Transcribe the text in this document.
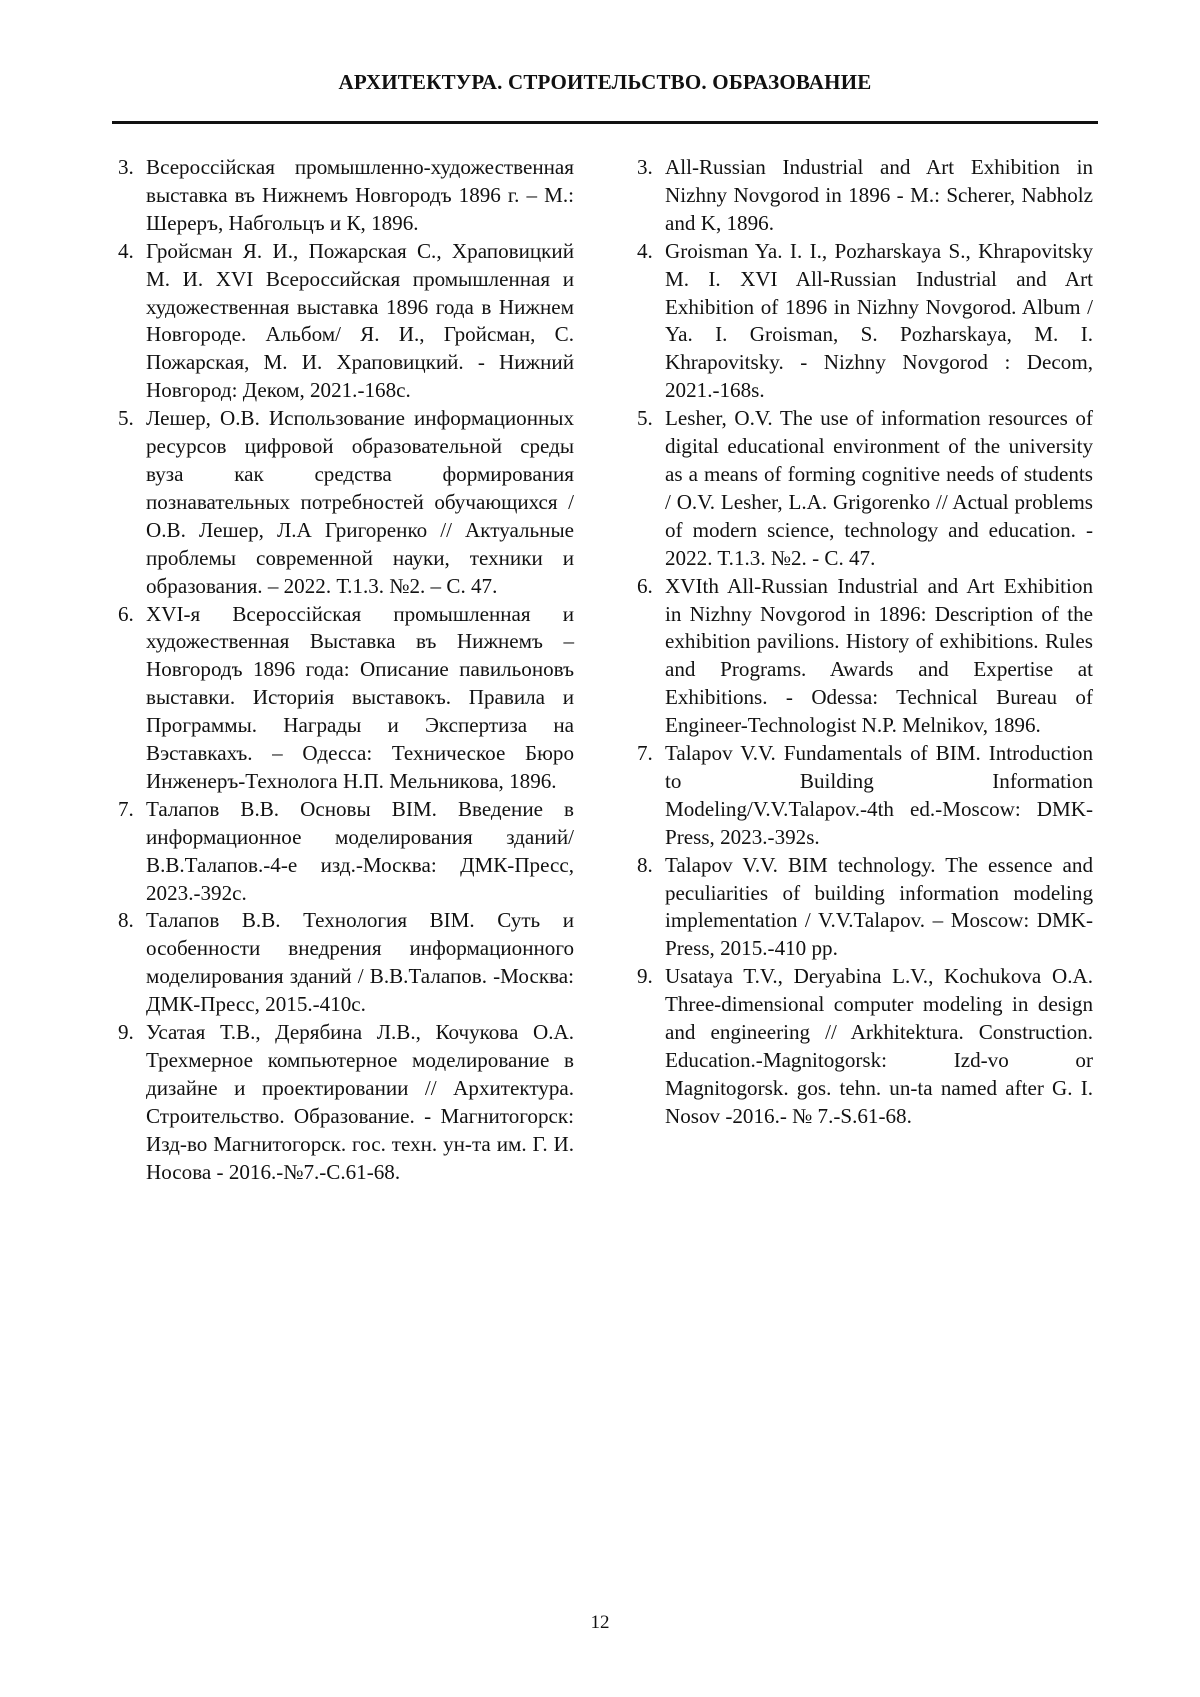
АРХИТЕКТУРА. СТРОИТЕЛЬСТВО. ОБРАЗОВАНИЕ
3. Всероссiйская промышленно-художественная выставка въ Нижнемъ Новгородъ 1896 г. – М.: Шереръ, Набгольцъ и К, 1896.
4. Гройсман Я. И., Пожарская С., Храповицкий М. И. XVI Всероссийская промышленная и художественная выставка 1896 года в Нижнем Новгороде. Альбом/ Я. И., Гройсман, С. Пожарская, М. И. Храповицкий. - Нижний Новгород: Деком, 2021.-168с.
5. Лешер, О.В. Использование информационных ресурсов цифровой образовательной среды вуза как средства формирования познавательных потребностей обучающихся / О.В. Лешер, Л.А Григоренко // Актуальные проблемы современной науки, техники и образования. – 2022. Т.1.3. №2. – С. 47.
6. XVI-я Всероссiйская промышленная и художественная Выставка въ Нижнемъ – Новгородъ 1896 года: Описание павильоновъ выставки. Историiя выставокъ. Правила и Программы. Награды и Экспертиза на Вэставкахъ. – Одесса: Техническое Бюро Инженеръ-Технолога Н.П. Мельникова, 1896.
7. Талапов В.В. Основы BIM. Введение в информационное моделирования зданий/В.В.Талапов.-4-е изд.-Москва: ДМК-Пресс, 2023.-392с.
8. Талапов В.В. Технология BIM. Суть и особенности внедрения информационного моделирования зданий / В.В.Талапов. -Москва: ДМК-Пресс, 2015.-410с.
9. Усатая Т.В., Дерябина Л.В., Кочукова О.А. Трехмерное компьютерное моделирование в дизайне и проектировании // Архитектура. Строительство. Образование. - Магнитогорск: Изд-во Магнитогорск. гос. техн. ун-та им. Г. И. Носова - 2016.-№7.-С.61-68.
3. All-Russian Industrial and Art Exhibition in Nizhny Novgorod in 1896 - M.: Scherer, Nabholz and K, 1896.
4. Groisman Ya. I. I., Pozharskaya S., Khrapovitsky M. I. XVI All-Russian Industrial and Art Exhibition of 1896 in Nizhny Novgorod. Album / Ya. I. Groisman, S. Pozharskaya, M. I. Khrapovitsky. - Nizhny Novgorod : Decom, 2021.-168s.
5. Lesher, O.V. The use of information resources of digital educational environment of the university as a means of forming cognitive needs of students / O.V. Lesher, L.A. Grigorenko // Actual problems of modern science, technology and education. - 2022. T.1.3. №2. - С. 47.
6. XVIth All-Russian Industrial and Art Exhibition in Nizhny Novgorod in 1896: Description of the exhibition pavilions. History of exhibitions. Rules and Programs. Awards and Expertise at Exhibitions. - Odessa: Technical Bureau of Engineer-Technologist N.P. Melnikov, 1896.
7. Talapov V.V. Fundamentals of BIM. Introduction to Building Information Modeling/V.V.Talapov.-4th ed.-Moscow: DMK-Press, 2023.-392s.
8. Talapov V.V. BIM technology. The essence and peculiarities of building information modeling implementation / V.V.Talapov. – Moscow: DMK-Press, 2015.-410 pp.
9. Usataya T.V., Deryabina L.V., Kochukova O.A. Three-dimensional computer modeling in design and engineering // Arkhitektura. Construction. Education.-Magnitogorsk: Izd-vo or Magnitogorsk. gos. tehn. un-ta named after G. I. Nosov -2016.- № 7.-S.61-68.
12
